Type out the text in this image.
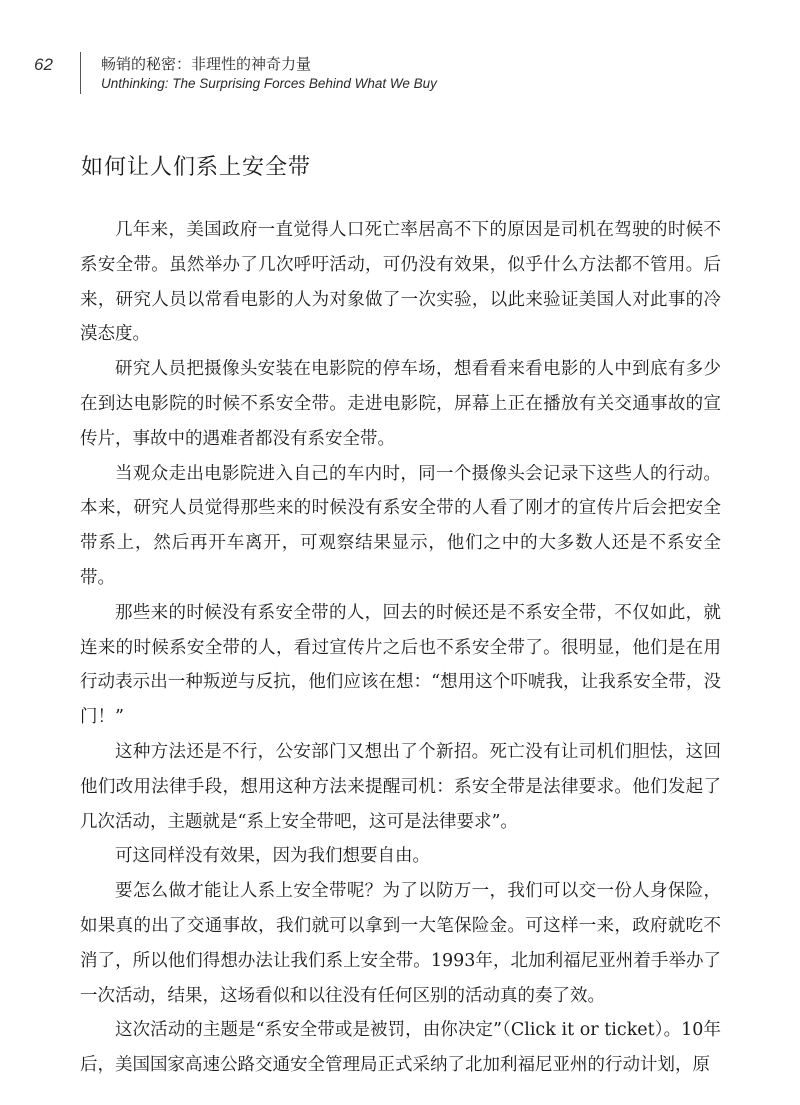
62	畅销的秘密：非理性的神奇力量
Unthinking: The Surprising Forces Behind What We Buy
如何让人们系上安全带

几年来，美国政府一直觉得人口死亡率居高不下的原因是司机在驾驶的时候不系安全带。虽然举办了几次呼吁活动，可仍没有效果，似乎什么方法都不管用。后来，研究人员以常看电影的人为对象做了一次实验，以此来验证美国人对此事的冷漠态度。

研究人员把摄像头安装在电影院的停车场，想看看来看电影的人中到底有多少在到达电影院的时候不系安全带。走进电影院，屏幕上正在播放有关交通事故的宣传片，事故中的遇难者都没有系安全带。

当观众走出电影院进入自己的车内时，同一个摄像头会记录下这些人的行动。本来，研究人员觉得那些来的时候没有系安全带的人看了刚才的宣传片后会把安全带系上，然后再开车离开，可观察结果显示，他们之中的大多数人还是不系安全带。

那些来的时候没有系安全带的人，回去的时候还是不系安全带，不仅如此，就连来的时候系安全带的人，看过宣传片之后也不系安全带了。很明显，他们是在用行动表示出一种叛逆与反抗，他们应该在想：“想用这个吓唬我，让我系安全带，没门！”

这种方法还是不行，公安部门又想出了个新招。死亡没有让司机们胆怯，这回他们改用法律手段，想用这种方法来提醒司机：系安全带是法律要求。他们发起了几次活动，主题就是“系上安全带吧，这可是法律要求”。

可这同样没有效果，因为我们想要自由。

要怎么做才能让人系上安全带呢？为了以防万一，我们可以交一份人身保险，如果真的出了交通事故，我们就可以拿到一大笔保险金。可这样一来，政府就吃不消了，所以他们得想办法让我们系上安全带。1993年，北加利福尼亚州着手举办了一次活动，结果，这场看似和以往没有任何区别的活动真的奏了效。

这次活动的主题是“系安全带或是被罚，由你决定”（Click it or ticket）。10年后，美国国家高速公路交通安全管理局正式采纳了北加利福尼亚州的行动计划，原
